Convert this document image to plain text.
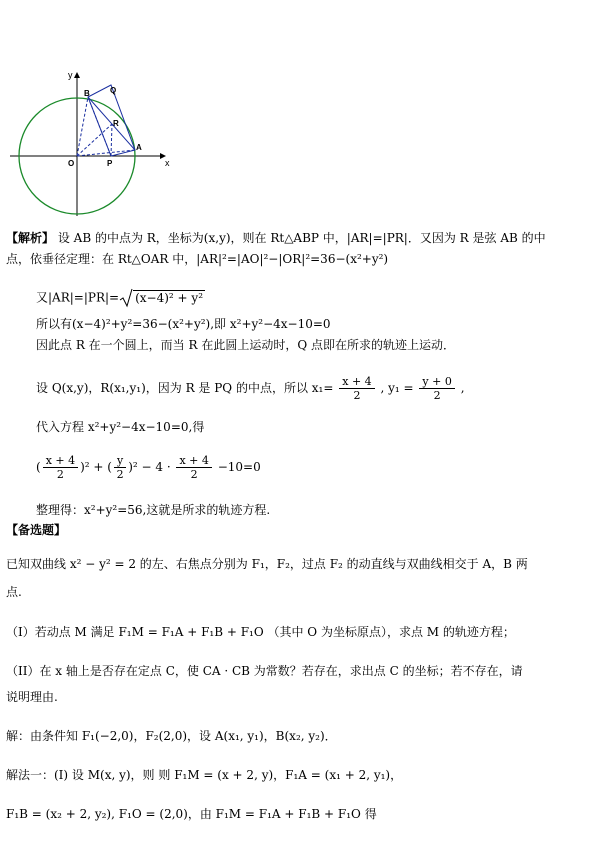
y
x
O
B	Q
R
A
P
【解析】 设 AB 的中点为 R，坐标为(x,y)，则在 Rt△ABP 中，|AR|=|PR|．又因为 R 是弦 AB 的中
点，依垂径定理：在 Rt△OAR 中，|AR|²=|AO|²−|OR|²=36−(x²+y²)
又|AR|=|PR|= (x−4)² + y²
所以有(x−4)²+y²=36−(x²+y²),即 x²+y²−4x−10=0
因此点 R 在一个圆上，而当 R 在此圆上运动时，Q 点即在所求的轨迹上运动．
设 Q(x,y)，R(x₁,y₁)，因为 R 是 PQ 的中点，所以 $x_1= \frac{x + 4}{2}$ , $y_1 = \frac{y + 0}{2}$ ,
代入方程 x²+y²−4x−10=0,得
( $\frac{x + 4}{2} )^2$ + ( $\frac{y}{2} )^2 - 4 \cdot \frac{x + 4}{2} -10=0$
整理得：x²+y²=56,这就是所求的轨迹方程.
【备选题】
已知双曲线 x² − y² = 2 的左、右焦点分别为 F₁，F₂，过点 F₂ 的动直线与双曲线相交于 A，B 两
点.
（I）若动点 M 满足 F₁M = F₁A + F₁B + F₁O （其中 O 为坐标原点），求点 M 的轨迹方程；
（II）在 x 轴上是否存在定点 C，使 CA · CB 为常数？若存在，求出点 C 的坐标；若不存在，请
说明理由.
解：由条件知 F₁(−2,0)，F₂(2,0)，设 A(x₁, y₁)，B(x₂, y₂)．
解法一：(I) 设 M(x, y)，则 则 F₁M = (x + 2, y)，F₁A = (x₁ + 2, y₁)，
F₁B = (x₂ + 2, y₂), F₁O = (2,0)，由 F₁M = F₁A + F₁B + F₁O 得
